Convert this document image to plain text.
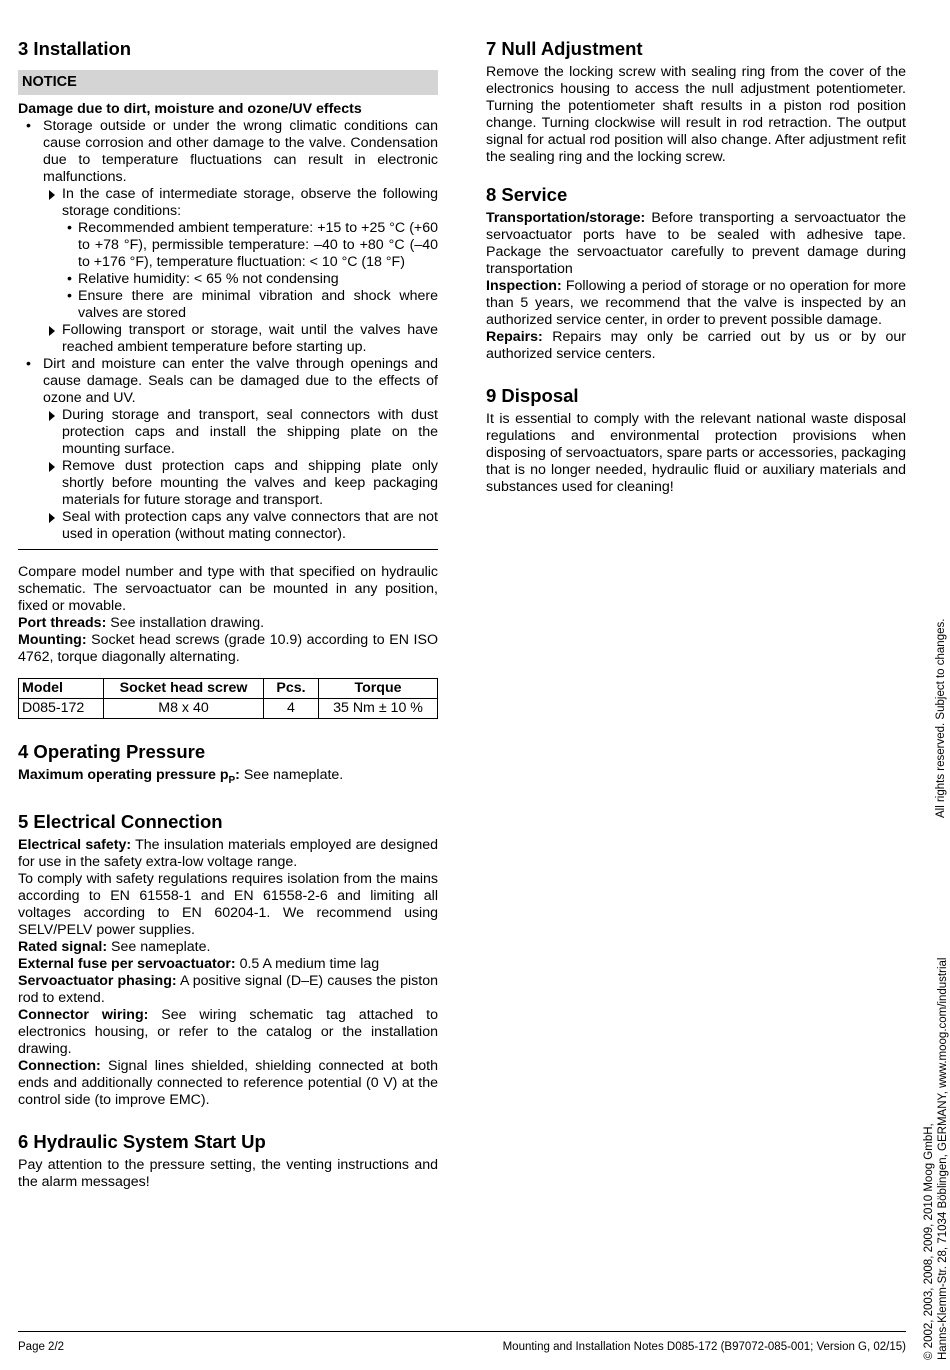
3 Installation
NOTICE

Damage due to dirt, moisture and ozone/UV effects

• Storage outside or under the wrong climatic conditions can cause corrosion and other damage to the valve. Condensation due to temperature fluctuations can result in electronic malfunctions.
In the case of intermediate storage, observe the following storage conditions:
• Recommended ambient temperature: +15 to +25 °C (+60 to +78 °F), permissible temperature: –40 to +80 °C (–40 to +176 °F), temperature fluctuation: < 10 °C (18 °F)
• Relative humidity: < 65 % not condensing
• Ensure there are minimal vibration and shock where valves are stored
Following transport or storage, wait until the valves have reached ambient temperature before starting up.
• Dirt and moisture can enter the valve through openings and cause damage. Seals can be damaged due to the effects of ozone and UV.
During storage and transport, seal connectors with dust protection caps and install the shipping plate on the mounting surface.
Remove dust protection caps and shipping plate only shortly before mounting the valves and keep packaging materials for future storage and transport.
Seal with protection caps any valve connectors that are not used in operation (without mating connector).

Compare model number and type with that specified on hydraulic schematic. The servoactuator can be mounted in any position, fixed or movable.

Port threads: See installation drawing.

Mounting: Socket head screws (grade 10.9) according to EN ISO 4762, torque diagonally alternating.

Model	Socket head screw	Pcs.	Torque
D085-172	M8 x 40	4	35 Nm ± 10 %
4 Operating Pressure

Maximum operating pressure $p_P$: See nameplate.

5 Electrical Connection

Electrical safety: The insulation materials employed are designed for use in the safety extra-low voltage range.

To comply with safety regulations requires isolation from the mains according to EN 61558-1 and EN 61558-2-6 and limiting all voltages according to EN 60204-1. We recommend using SELV/PELV power supplies.

Rated signal: See nameplate.

External fuse per servoactuator: 0.5 A medium time lag

Servoactuator phasing: A positive signal (D–E) causes the piston rod to extend.

Connector wiring: See wiring schematic tag attached to electronics housing, or refer to the catalog or the installation drawing.

Connection: Signal lines shielded, shielding connected at both ends and additionally connected to reference potential (0 V) at the control side (to improve EMC).

6 Hydraulic System Start Up

Pay attention to the pressure setting, the venting instructions and the alarm messages!

7 Null Adjustment

Remove the locking screw with sealing ring from the cover of the electronics housing to access the null adjustment potentiometer. Turning the potentiometer shaft results in a piston rod position change. Turning clockwise will result in rod retraction. The output signal for actual rod position will also change. After adjustment refit the sealing ring and the locking screw.

8 Service

Transportation/storage: Before transporting a servoactuator the servoactuator ports have to be sealed with adhesive tape. Package the servoactuator carefully to prevent damage during transportation

Inspection: Following a period of storage or no operation for more than 5 years, we recommend that the valve is inspected by an authorized service center, in order to prevent possible damage.

Repairs: Repairs may only be carried out by us or by our authorized service centers.

9 Disposal

It is essential to comply with the relevant national waste disposal regulations and environmental protection provisions when disposing of servoactuators, spare parts or accessories, packaging that is no longer needed, hydraulic fluid or auxiliary materials and substances used for cleaning!

All rights reserved. Subject to changes.
© 2002, 2003, 2008, 2009, 2010 Moog GmbH, Hanns-Klemm-Str. 28, 71034 Böblingen, GERMANY, www.moog.com/industrial
Page 2/2	Mounting and Installation Notes D085-172 (B97072-085-001; Version G, 02/15)
